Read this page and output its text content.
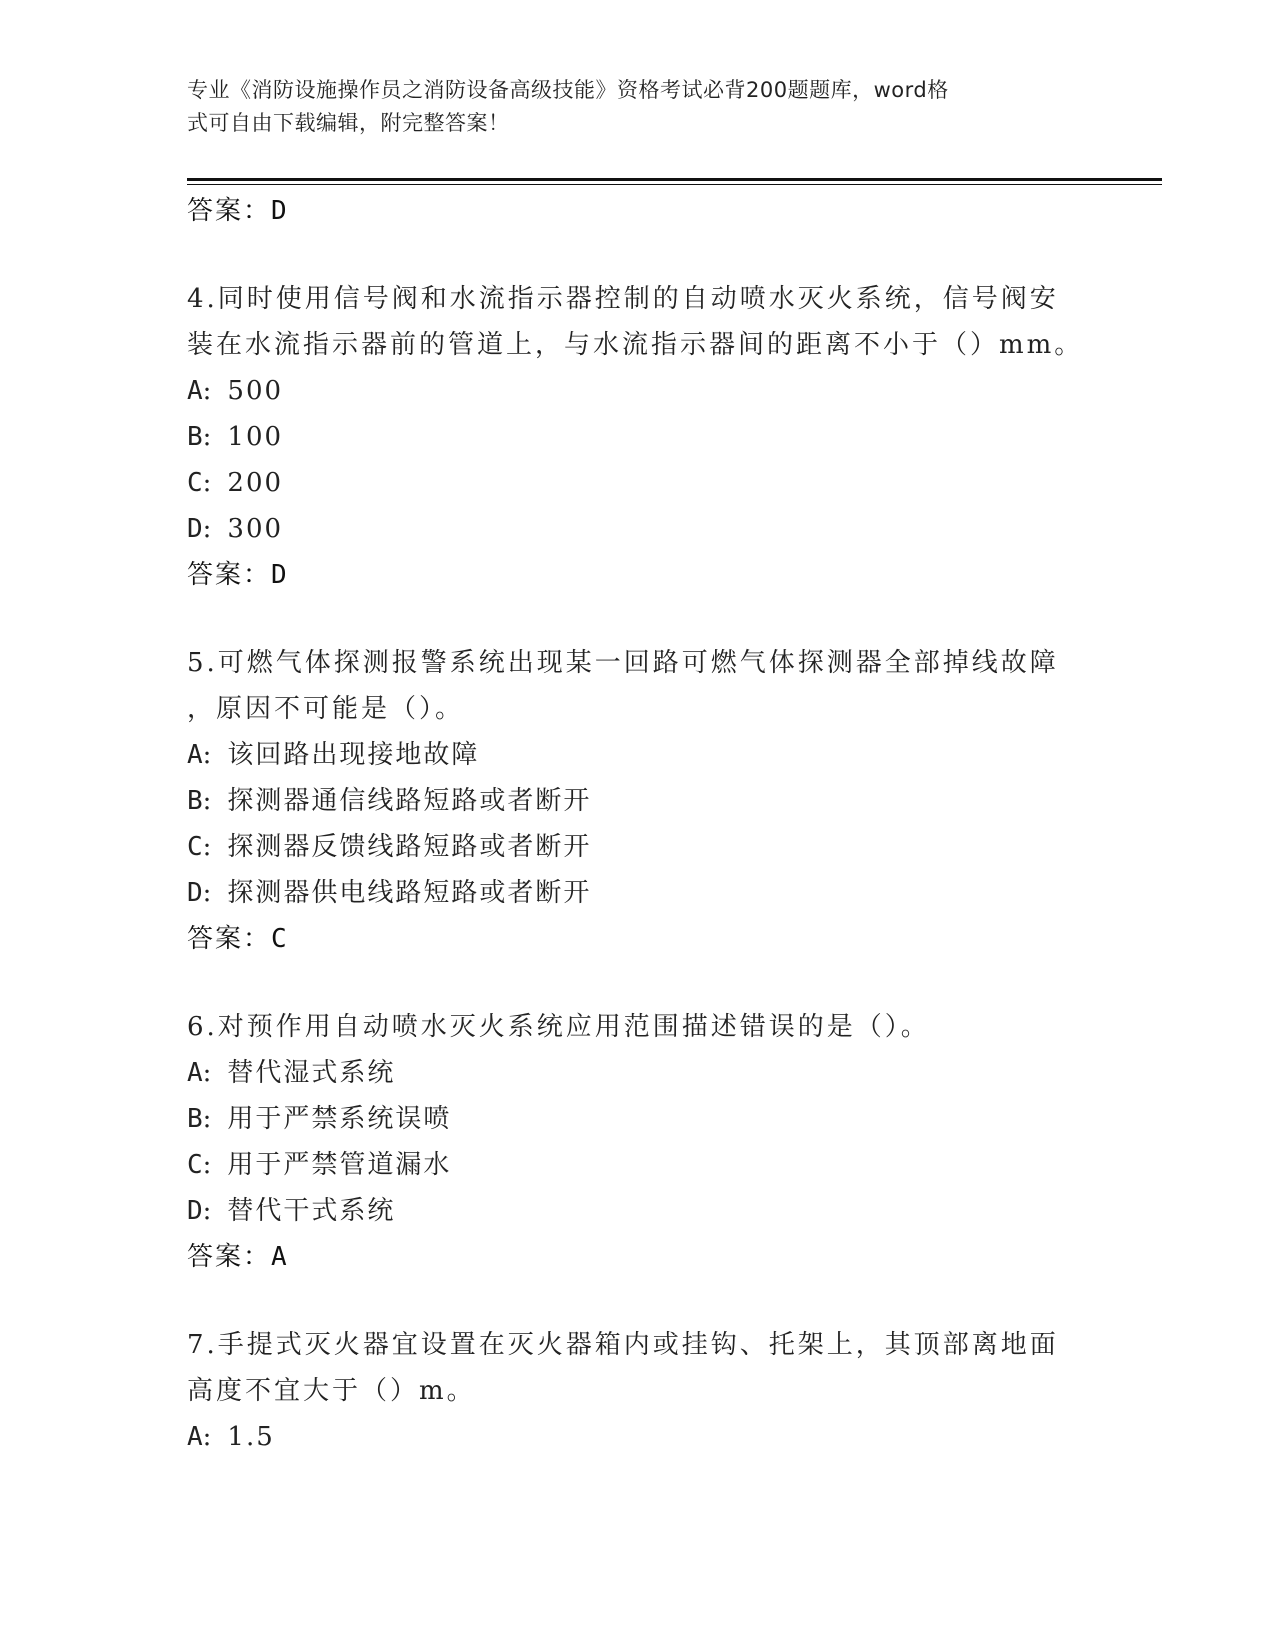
专业《消防设施操作员之消防设备高级技能》资格考试必背200题题库，word格
式可自由下载编辑，附完整答案！

答案：D

4.同时使用信号阀和水流指示器控制的自动喷水灭火系统，信号阀安

装在水流指示器前的管道上，与水流指示器间的距离不小于（）mm。

A: 500

B: 100

C: 200

D: 300

答案：D

5.可燃气体探测报警系统出现某一回路可燃气体探测器全部掉线故障

，原因不可能是（）。

A: 该回路出现接地故障

B: 探测器通信线路短路或者断开

C: 探测器反馈线路短路或者断开

D: 探测器供电线路短路或者断开

答案：C

6.对预作用自动喷水灭火系统应用范围描述错误的是（）。

A: 替代湿式系统

B: 用于严禁系统误喷

C: 用于严禁管道漏水

D: 替代干式系统

答案：A

7.手提式灭火器宜设置在灭火器箱内或挂钩、托架上，其顶部离地面

高度不宜大于（）m。

A: 1.5
